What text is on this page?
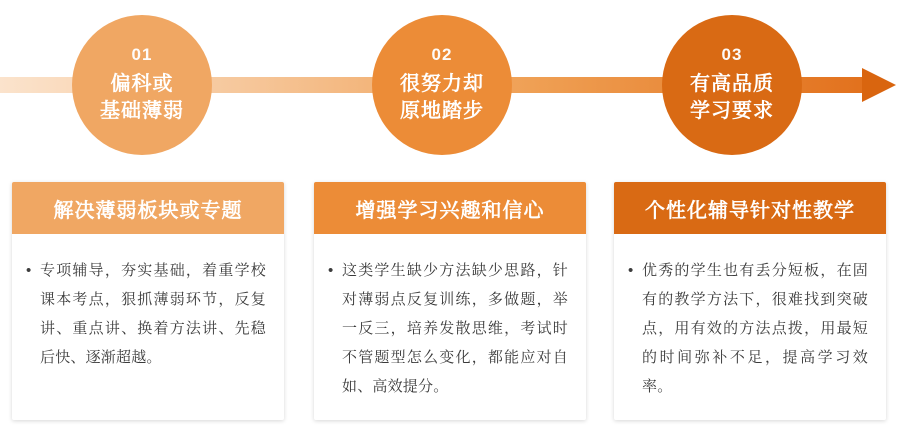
01
偏科或
基础薄弱
02
很努力却
原地踏步
03
有高品质
学习要求
解决薄弱板块或专题
• 专项辅导，夯实基础，着重学校课本考点，狠抓薄弱环节，反复讲、重点讲、换着方法讲、先稳后快、逐渐超越。
增强学习兴趣和信心
• 这类学生缺少方法缺少思路，针对薄弱点反复训练，多做题，举一反三，培养发散思维，考试时不管题型怎么变化，都能应对自如、高效提分。
个性化辅导针对性教学
• 优秀的学生也有丢分短板，在固有的教学方法下，很难找到突破点，用有效的方法点拨，用最短的时间弥补不足，提高学习效率。
